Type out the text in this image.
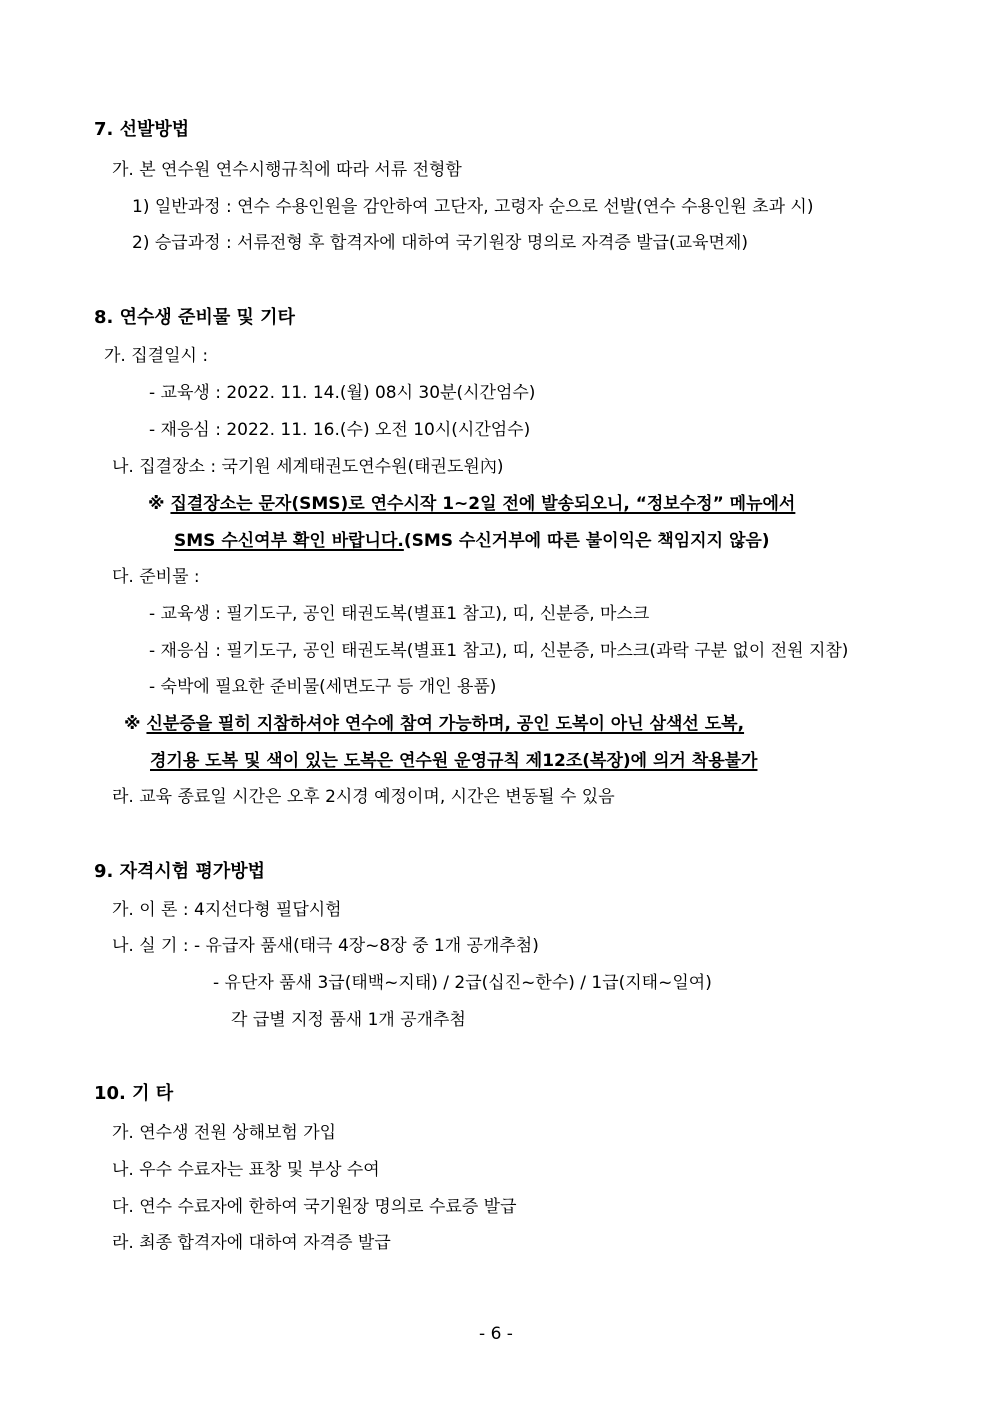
7. 선발방법
가. 본 연수원 연수시행규칙에 따라 서류 전형함
1) 일반과정 : 연수 수용인원을 감안하여 고단자, 고령자 순으로 선발(연수 수용인원 초과 시)
2) 승급과정 : 서류전형 후 합격자에 대하여 국기원장 명의로 자격증 발급(교육면제)
8. 연수생 준비물 및 기타
가. 집결일시 :
- 교육생 : 2022. 11. 14.(월) 08시 30분(시간엄수)
- 재응심 : 2022. 11. 16.(수) 오전 10시(시간엄수)
나. 집결장소 : 국기원 세계태권도연수원(태권도원內)
※ 집결장소는 문자(SMS)로 연수시작 1~2일 전에 발송되오니, “정보수정” 메뉴에서
SMS 수신여부 확인 바랍니다.(SMS 수신거부에 따른 불이익은 책임지지 않음)
다. 준비물 :
- 교육생 : 필기도구, 공인 태권도복(별표1 참고), 띠, 신분증, 마스크
- 재응심 : 필기도구, 공인 태권도복(별표1 참고), 띠, 신분증, 마스크(과락 구분 없이 전원 지참)
- 숙박에 필요한 준비물(세면도구 등 개인 용품)
※ 신분증을 필히 지참하셔야 연수에 참여 가능하며, 공인 도복이 아닌 삼색선 도복,
경기용 도복 및 색이 있는 도복은 연수원 운영규칙 제12조(복장)에 의거 착용불가
라. 교육 종료일 시간은 오후 2시경 예정이며, 시간은 변동될 수 있음
9. 자격시험 평가방법
가. 이 론 : 4지선다형 필답시험
나. 실 기 : - 유급자 품새(태극 4장~8장 중 1개 공개추첨)
- 유단자 품새 3급(태백~지태) / 2급(십진~한수) / 1급(지태~일여)
각 급별 지정 품새 1개 공개추첨
10. 기 타
가. 연수생 전원 상해보험 가입
나. 우수 수료자는 표창 및 부상 수여
다. 연수 수료자에 한하여 국기원장 명의로 수료증 발급
라. 최종 합격자에 대하여 자격증 발급
- 6 -
